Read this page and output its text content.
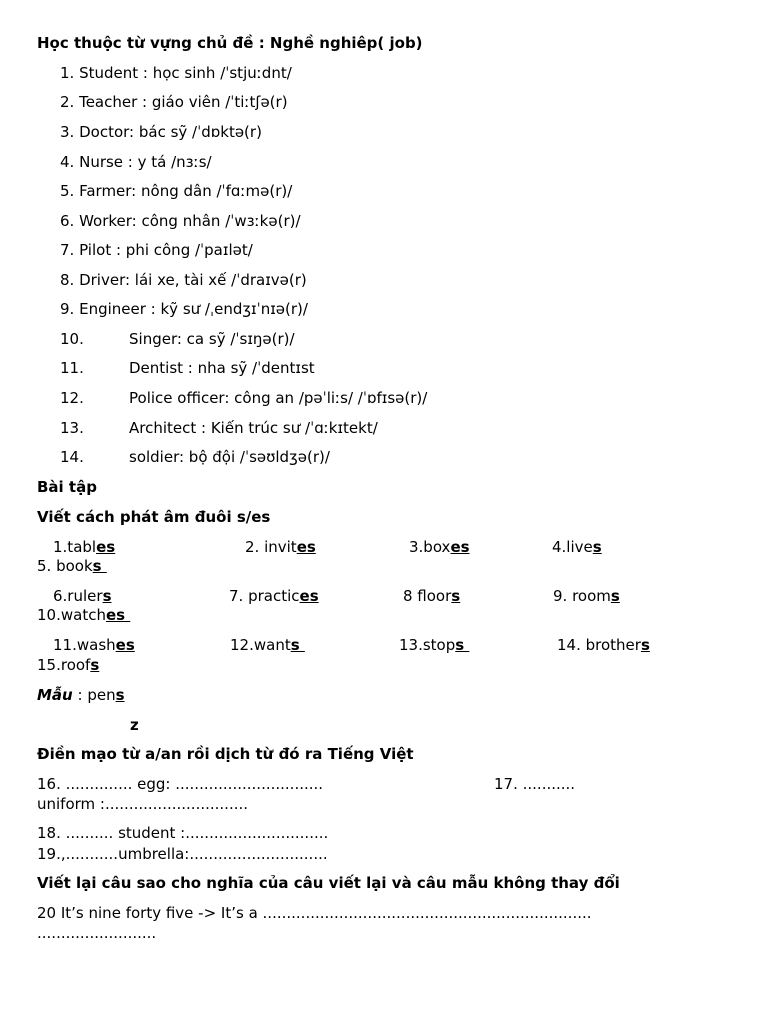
Học thuộc từ vựng chủ đề : Nghề nghiêp( job)
1. Student : học sinh /ˈstjuːdnt/
2. Teacher : giáo viên /ˈtiːtʃə(r)
3. Doctor: bác sỹ /ˈdɒktə(r)
4. Nurse : y tá /nɜːs/
5. Farmer: nông dân /ˈfɑːmə(r)/
6. Worker: công nhân /ˈwɜːkə(r)/
7. Pilot : phi công /ˈpaɪlət/
8. Driver: lái xe, tài xế /ˈdraɪvə(r)
9. Engineer : kỹ sư /ˌendʒɪˈnɪə(r)/
10.	Singer: ca sỹ /ˈsɪŋə(r)/
11.	Dentist : nha sỹ /ˈdentɪst
12.	Police officer: công an /pəˈliːs/ /ˈɒfɪsə(r)/
13.	Architect : Kiến trúc sư /ˈɑːkɪtekt/
14.	soldier: bộ đội /ˈsəʊldʒə(r)/
Bài tập
Viết cách phát âm đuôi s/es
1.tables	2. invites	3.boxes	4.lives
5. books
6.rulers	7. practices	8 floors	9. rooms
10.watches
11.washes	12.wants	13.stops	14. brothers
15.roofs
Mẫu : pens
z
Điền mạo từ a/an rồi dịch từ đó ra Tiếng Việt
16. .............. egg: ...............................	17. ...........
uniform :..............................
18. .......... student :..............................
19.,...........umbrella:.............................
Viết lại câu sao cho nghĩa của câu viết lại và câu mẫu không thay đổi
20 It’s nine forty five -> It’s a .....................................................................
.........................
